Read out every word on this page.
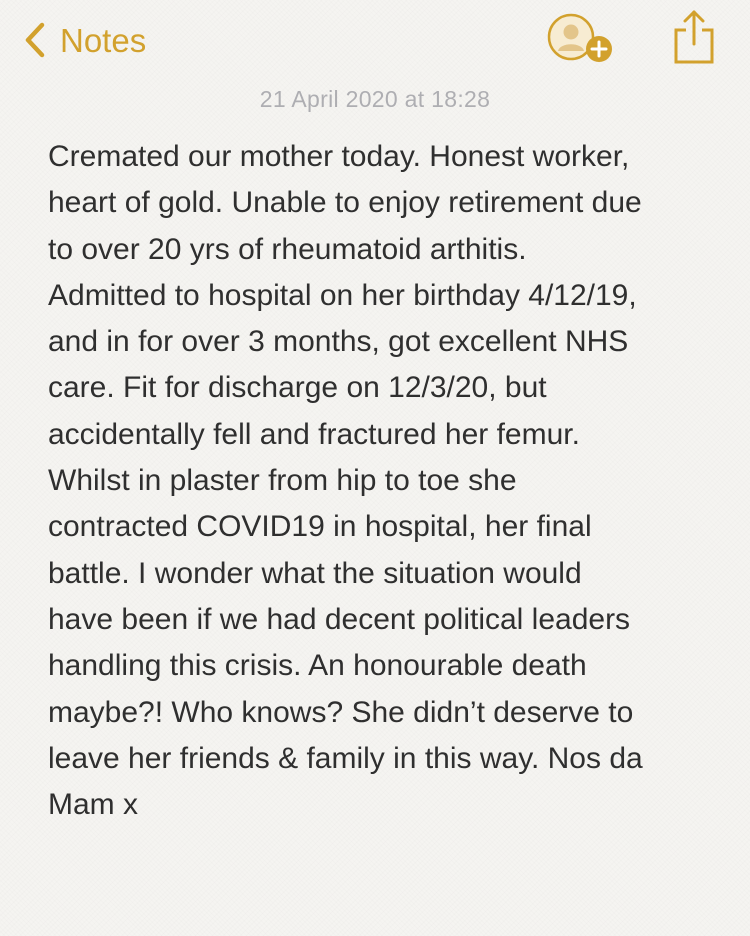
Notes
21 April 2020 at 18:28

Cremated our mother today. Honest worker,
heart of gold. Unable to enjoy retirement due
to over 20 yrs of rheumatoid arthitis.
Admitted to hospital on her birthday 4/12/19,
and in for over 3 months, got excellent NHS
care. Fit for discharge on 12/3/20, but
accidentally fell and fractured her femur.
Whilst in plaster from hip to toe she
contracted COVID19 in hospital, her final
battle. I wonder what the situation would
have been if we had decent political leaders
handling this crisis. An honourable death
maybe?! Who knows? She didn’t deserve to
leave her friends & family in this way. Nos da
Mam x
